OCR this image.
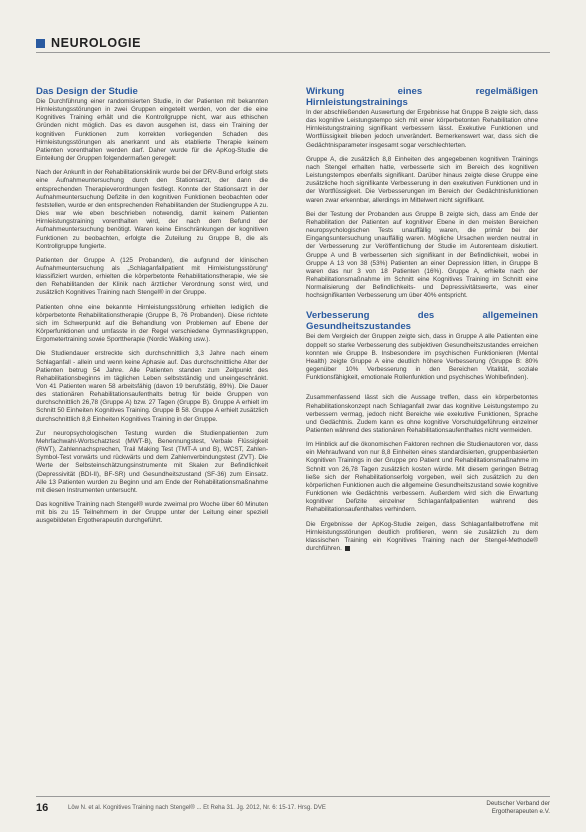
NEUROLOGIE
Das Design der Studie

Die Durchführung einer randomisierten Studie, in der Patienten mit bekannten Hirnleistungsstörungen in zwei Gruppen eingeteilt werden, von der die eine Kognitives Training erhält und die Kontrollgruppe nicht, war aus ethischen Gründen nicht möglich. Das es davon ausgehen ist, dass ein Training der kognitiven Funktionen zum korrekten vorliegenden Schaden des Hirnleistungsstörungen als anerkannt und als etablierte Therapie keinem Patienten vorenthalten werden darf. Daher wurde für die ApKog-Studie die Einteilung der Gruppen folgendermaßen geregelt:

Nach der Ankunft in der Rehabilitationsklinik wurde bei der DRV-Bund erfolgt stets eine Aufnahmeuntersuchung durch den Stationsarzt, der dann die entsprechenden Therapieverordnungen festlegt. Konnte der Stationsarzt in der Aufnahmeuntersuchung Defizite in den kognitiven Funktionen beobachten oder feststellen, wurde er den entsprechenden Rehabilitanden der Studiengruppe A zu. Dies war wie eben beschrieben notwendig, damit keinem Patienten Hirnleistungstraining vorenthalten wird, der nach dem Befund der Aufnahmeuntersuchung benötigt. Waren keine Einschränkungen der kognitiven Funktionen zu beobachten, erfolgte die Zuteilung zu Gruppe B, die als Kontrollgruppe fungierte.

Patienten der Gruppe A (125 Probanden), die aufgrund der klinischen Aufnahmeuntersuchung als „Schlaganfallpatient mit Hirnleistungsstörung“ klassifiziert wurden, erhielten die körperbetonte Rehabilitationstherapie, wie sie den Rehabilitanden der Klinik nach ärztlicher Verordnung sonst wird, und zusätzlich Kognitives Training nach Stengel® in der Gruppe.

Patienten ohne eine bekannte Hirnleistungsstörung erhielten lediglich die körperbetonte Rehabilitationstherapie (Gruppe B, 76 Probanden). Diese richtete sich im Schwerpunkt auf die Behandlung von Problemen auf Ebene der Körperfunktionen und umfasste in der Regel verschiedene Gymnastikgruppen, Ergometertraining sowie Sporttherapie (Nordic Walking usw.).

Die Studiendauer erstreckte sich durchschnittlich 3,3 Jahre nach einem Schlaganfall - allein und wenn keine Aphasie auf. Das durchschnittliche Alter der Patienten betrug 54 Jahre. Alle Patienten standen zum Zeitpunkt des Rehabilitationsbeginns im täglichen Leben selbstständig und uneingeschränkt. Von 41 Patienten waren 58 arbeitsfähig (davon 19 berufstätig, 89%). Die Dauer des stationären Rehabilitationsaufenthalts betrug für beide Gruppen von durchschnittlich 26,78 (Gruppe A) bzw. 27 Tagen (Gruppe B). Gruppe A erhielt im Schnitt 50 Einheiten Kognitives Training. Gruppe B 58. Gruppe A erhielt zusätzlich durchschnittlich 8,8 Einheiten Kognitives Training in der Gruppe.

Zur neuropsychologischen Testung wurden die Studienpatienten zum Mehrfachwahl-Wortschatztest (MWT-B), Benennungstest, Verbale Flüssigkeit (RWT), Zahlennachsprechen, Trail Making Test (TMT-A und B), WCST, Zahlen-Symbol-Test vorwärts und rückwärts und dem Zahlenverbindungstest (ZVT). Die Werte der Selbsteinschätzungsinstrumente mit Skalen zur Befindlichkeit (Depressivität (BDI-II), BF-SR) und Gesundheitszustand (SF-36) zum Einsatz. Alle 13 Patienten wurden zu Beginn und am Ende der Rehabilitationsmaßnahme mit diesen Instrumenten untersucht.

Das kognitive Training nach Stengel® wurde zweimal pro Woche über 60 Minuten mit bis zu 15 Teilnehmern in der Gruppe unter der Leitung einer speziell ausgebildeten Ergotherapeutin durchgeführt.

Wirkung eines regelmäßigen Hirnleistungstrainings

In der abschließenden Auswertung der Ergebnisse hat Gruppe B zeigte sich, dass das kognitive Leistungstempo sich mit einer körperbetonten Rehabilitation ohne Hirnleistungstraining signifikant verbessern lässt. Exekutive Funktionen und Wortflüssigkeit blieben jedoch unverändert. Bemerkenswert war, dass sich die Gedächtnisparameter insgesamt sogar verschlechterten.

Gruppe A, die zusätzlich 8,8 Einheiten des angegebenen kognitiven Trainings nach Stengel erhalten hatte, verbesserte sich im Bereich des kognitiven Leistungstempos ebenfalls signifikant. Darüber hinaus zeigte diese Gruppe eine zusätzliche hoch signifikante Verbesserung in den exekutiven Funktionen und in der Wortflüssigkeit. Die Verbesserungen im Bereich der Gedächtnisfunktionen waren zwar erkennbar, allerdings im Mittelwert nicht signifikant.

Bei der Testung der Probanden aus Gruppe B zeigte sich, dass am Ende der Rehabilitation der Patienten auf kognitiver Ebene in den meisten Bereichen neuropsychologischen Tests unauffällig waren, die primär bei der Eingangsuntersuchung unauffällig waren. Mögliche Ursachen werden neutral in der Verbesserung zur Veröffentlichung der Studie im Autorenteam diskutiert. Gruppe A und B verbesserten sich signifikant in der Befindlichkeit, wobei in Gruppe A 13 von 38 (53%) Patienten an einer Depression litten, in Gruppe B waren das nur 3 von 18 Patienten (16%). Gruppe A, erhielte nach der Rehabilitationsmaßnahme im Schnitt eine Kognitives Training im Schnitt eine Normalisierung der Befindlichkeits- und Depressivitätswerte, was einer hochsignifikanten Verbesserung um über 40% entspricht.

Verbesserung des allgemeinen Gesundheitszustandes

Bei dem Vergleich der Gruppen zeigte sich, dass in Gruppe A alle Patienten eine doppelt so starke Verbesserung des subjektiven Gesundheitszustandes erreichen konnten wie Gruppe B. Insbesondere im psychischen Funktionieren (Mental Health) zeigte Gruppe A eine deutlich höhere Verbesserung (Gruppe B: 80% gegenüber 10% Verbesserung in den Bereichen Vitalität, soziale Funktionsfähigkeit, emotionale Rollenfunktion und psychisches Wohlbefinden).

Zusammenfassend lässt sich die Aussage treffen, dass ein körperbetontes Rehabilitationskonzept nach Schlaganfall zwar das kognitive Leistungstempo zu verbessern vermag, jedoch nicht Bereiche wie exekutive Funktionen, Sprache und Gedächtnis. Zudem kann es ohne kognitive Vorschuldgeführung einzelner Patienten während des stationären Rehabilitationsaufenthaltes nicht vermeiden.

Im Hinblick auf die ökonomischen Faktoren rechnen die Studienautoren vor, dass ein Mehraufwand von nur 8,8 Einheiten eines standardisierten, gruppenbasierten Kognitiven Trainings in der Gruppe pro Patient und Rehabilitationsmaßnahme im Schnitt von 26,78 Tagen zusätzlich kosten würde. Mit diesem geringen Betrag ließe sich der Rehabilitationserfolg vorgeben, weil sich zusätzlich zu den körperlichen Funktionen auch die allgemeine Gesundheitszustand sowie kognitive Funktionen wie Gedächtnis verbessern. Außerdem wird sich die Erwartung kognitiver Defizite einzelner Schlaganfallpatienten wahrend des Rehabilitationsaufenthaltes verhindern.

Die Ergebnisse der ApKog-Studie zeigen, dass Schlaganfallbetroffene mit Hirnleistungsstörungen deutlich profitieren, wenn sie zusätzlich zu dem klassischen Training ein Kognitives Training nach der Stengel-Methode® durchführen.

16	Löw N. et al. Kognitives Training nach Stengel® ... Et Reha 31. Jg. 2012, Nr. 6: 15-17. Hrsg. DVE
Deutscher Verband der
Ergotherapeuten e.V.
